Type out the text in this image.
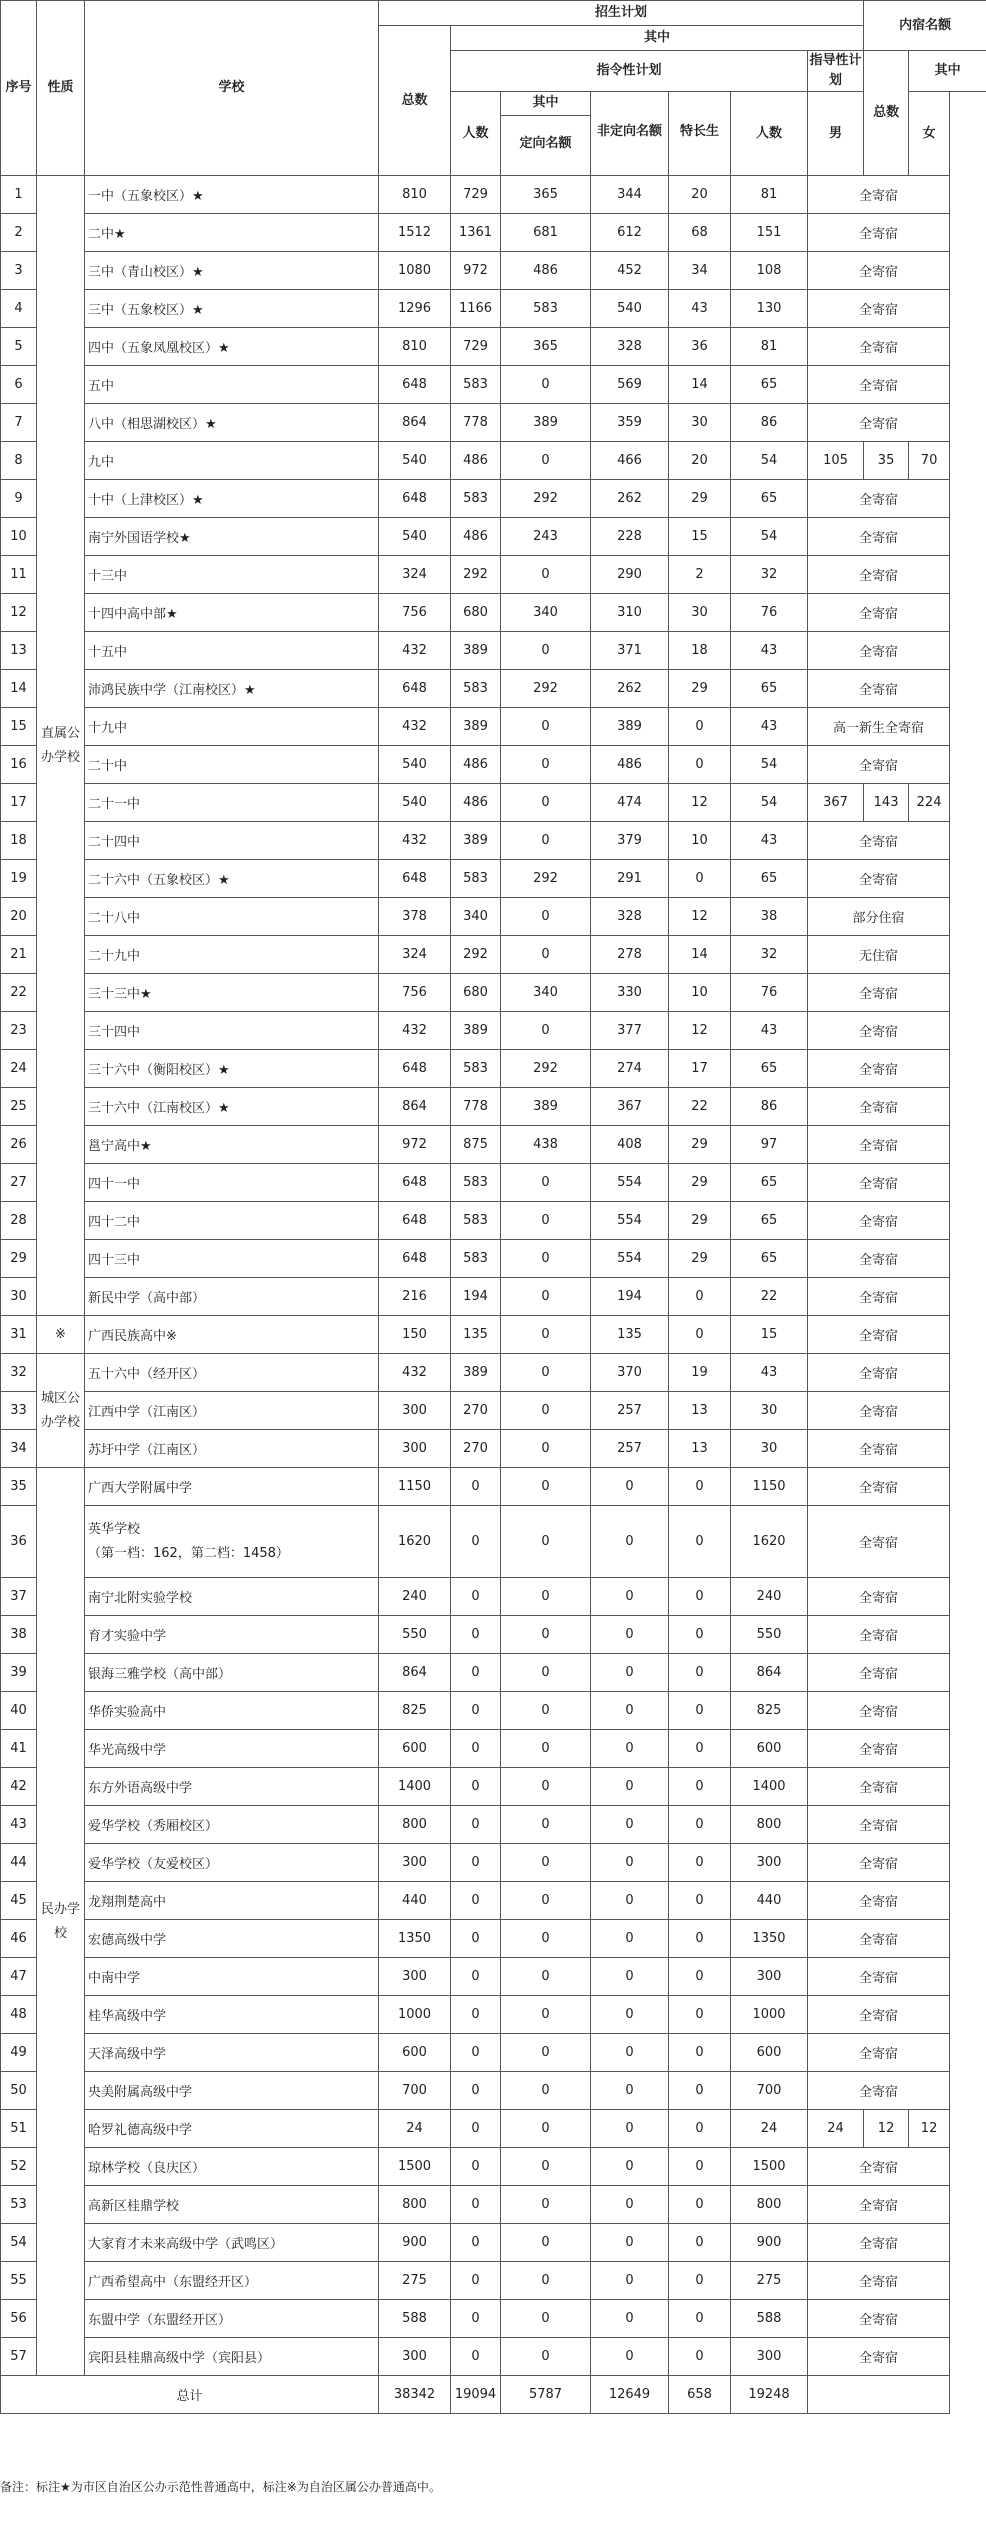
序号	性质	学校	招生计划							内宿名额	
			总数	其中							
				指令性计划					指导性计划	总数	其中
				人数	其中
定向名额	非定向名额	特长生	人数	男		女
1	直属公办学校	一中（五象校区）★	810	729	365	344	20	81	全寄宿		
2		二中★	1512	1361	681	612	68	151	全寄宿		
3		三中（青山校区）★	1080	972	486	452	34	108	全寄宿		
4		三中（五象校区）★	1296	1166	583	540	43	130	全寄宿		
5		四中（五象凤凰校区）★	810	729	365	328	36	81	全寄宿		
6		五中	648	583	0	569	14	65	全寄宿		
7		八中（相思湖校区）★	864	778	389	359	30	86	全寄宿		
8		九中	540	486	0	466	20	54	105	35	70
9		十中（上津校区）★	648	583	292	262	29	65	全寄宿		
10		南宁外国语学校★	540	486	243	228	15	54	全寄宿		
11		十三中	324	292	0	290	2	32	全寄宿		
12		十四中高中部★	756	680	340	310	30	76	全寄宿		
13		十五中	432	389	0	371	18	43	全寄宿		
14		沛鸿民族中学（江南校区）★	648	583	292	262	29	65	全寄宿		
15		十九中	432	389	0	389	0	43	高一新生全寄宿		
16		二十中	540	486	0	486	0	54	全寄宿		
17		二十一中	540	486	0	474	12	54	367	143	224
18		二十四中	432	389	0	379	10	43	全寄宿		
19		二十六中（五象校区）★	648	583	292	291	0	65	全寄宿		
20		二十八中	378	340	0	328	12	38	部分住宿		
21		二十九中	324	292	0	278	14	32	无住宿		
22		三十三中★	756	680	340	330	10	76	全寄宿		
23		三十四中	432	389	0	377	12	43	全寄宿		
24		三十六中（衡阳校区）★	648	583	292	274	17	65	全寄宿		
25		三十六中（江南校区）★	864	778	389	367	22	86	全寄宿		
26		邕宁高中★	972	875	438	408	29	97	全寄宿		
27		四十一中	648	583	0	554	29	65	全寄宿		
28		四十二中	648	583	0	554	29	65	全寄宿		
29		四十三中	648	583	0	554	29	65	全寄宿		
30		新民中学（高中部）	216	194	0	194	0	22	全寄宿		
31	※	广西民族高中※	150	135	0	135	0	15	全寄宿		
32	城区公办学校	五十六中（经开区）	432	389	0	370	19	43	全寄宿		
33		江西中学（江南区）	300	270	0	257	13	30	全寄宿		
34		苏圩中学（江南区）	300	270	0	257	13	30	全寄宿		
35	民办学校	广西大学附属中学	1150	0	0	0	0	1150	全寄宿		
36		英华学校
（第一档：162，第二档：1458）	1620	0	0	0	0	1620	全寄宿		
37		南宁北附实验学校	240	0	0	0	0	240	全寄宿		
38		育才实验中学	550	0	0	0	0	550	全寄宿		
39		银海三雅学校（高中部）	864	0	0	0	0	864	全寄宿		
40		华侨实验高中	825	0	0	0	0	825	全寄宿		
41		华光高级中学	600	0	0	0	0	600	全寄宿		
42		东方外语高级中学	1400	0	0	0	0	1400	全寄宿		
43		爱华学校（秀厢校区）	800	0	0	0	0	800	全寄宿		
44		爱华学校（友爱校区）	300	0	0	0	0	300	全寄宿		
45		龙翔荆楚高中	440	0	0	0	0	440	全寄宿		
46		宏德高级中学	1350	0	0	0	0	1350	全寄宿		
47		中南中学	300	0	0	0	0	300	全寄宿		
48		桂华高级中学	1000	0	0	0	0	1000	全寄宿		
49		天泽高级中学	600	0	0	0	0	600	全寄宿		
50		央美附属高级中学	700	0	0	0	0	700	全寄宿		
51		哈罗礼德高级中学	24	0	0	0	0	24	24	12	12
52		琼林学校（良庆区）	1500	0	0	0	0	1500	全寄宿		
53		高新区桂鼎学校	800	0	0	0	0	800	全寄宿		
54		大家育才未来高级中学（武鸣区）	900	0	0	0	0	900	全寄宿		
55		广西希望高中（东盟经开区）	275	0	0	0	0	275	全寄宿		
56		东盟中学（东盟经开区）	588	0	0	0	0	588	全寄宿		
57		宾阳县桂鼎高级中学（宾阳县）	300	0	0	0	0	300	全寄宿		
总计			38342	19094	5787	12649	658	19248			
备注：标注★为市区自治区公办示范性普通高中，标注※为自治区属公办普通高中。
